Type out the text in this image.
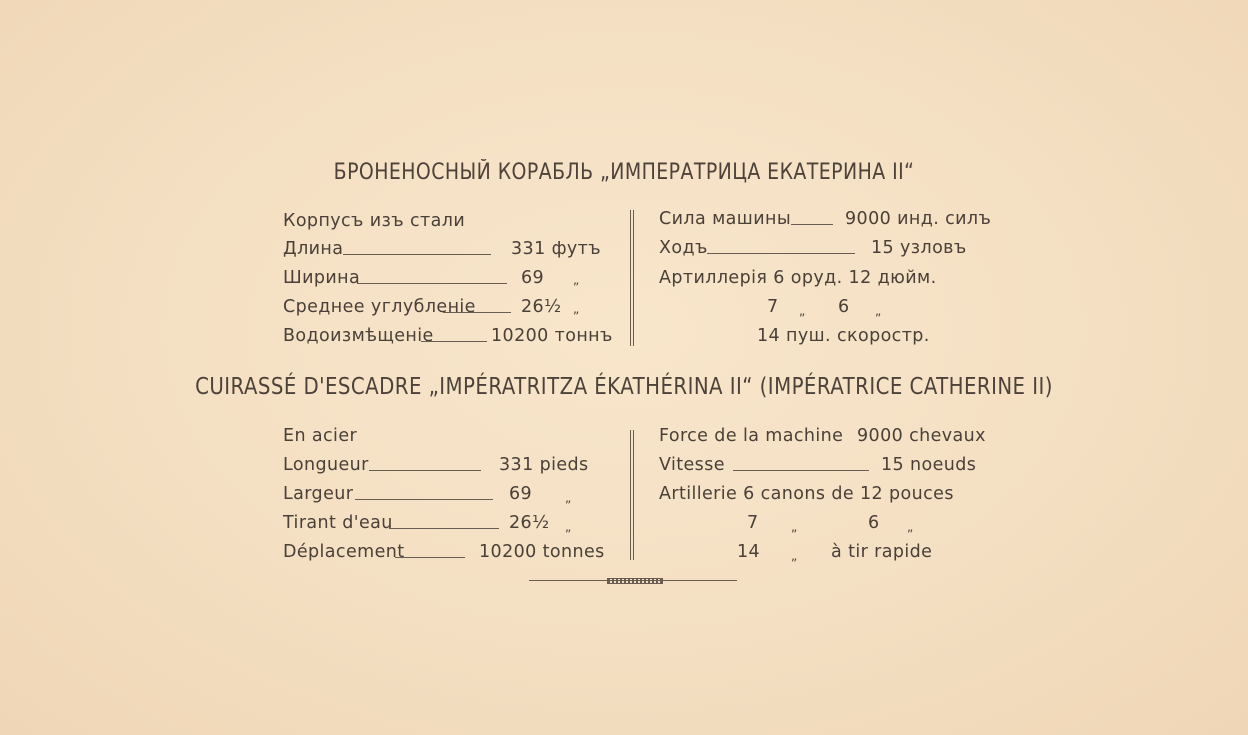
БРОНЕНОСНЫЙ КОРАБЛЬ „ИМПЕРАТРИЦА ЕКАТЕРИНА II“
Корпусъ изъ стали
Длина	331 футъ
Ширина	69 „
Среднее углубленіе	26½ „
Водоизмѣщеніе	10200 тоннъ
Сила машины	9000 инд. силъ
Ходъ	15 узловъ
Артиллерія 6 оруд. 12 дюйм.
7 „ 6 „
14 пуш. скоростр.
CUIRASSÉ D'ESCADRE „IMPÉRATRITZA ÉKATHÉRINA II“ (IMPÉRATRICE CATHERINE II)
En acier
Longueur	331 pieds
Largeur	69	„
Tirant d'eau	26½ „
Déplacement	10200 tonnes
Force de la machine 9000 chevaux
Vitesse	15 noeuds
Artillerie 6 canons de 12 pouces
7	„	6 „
14	„ à tir rapide
